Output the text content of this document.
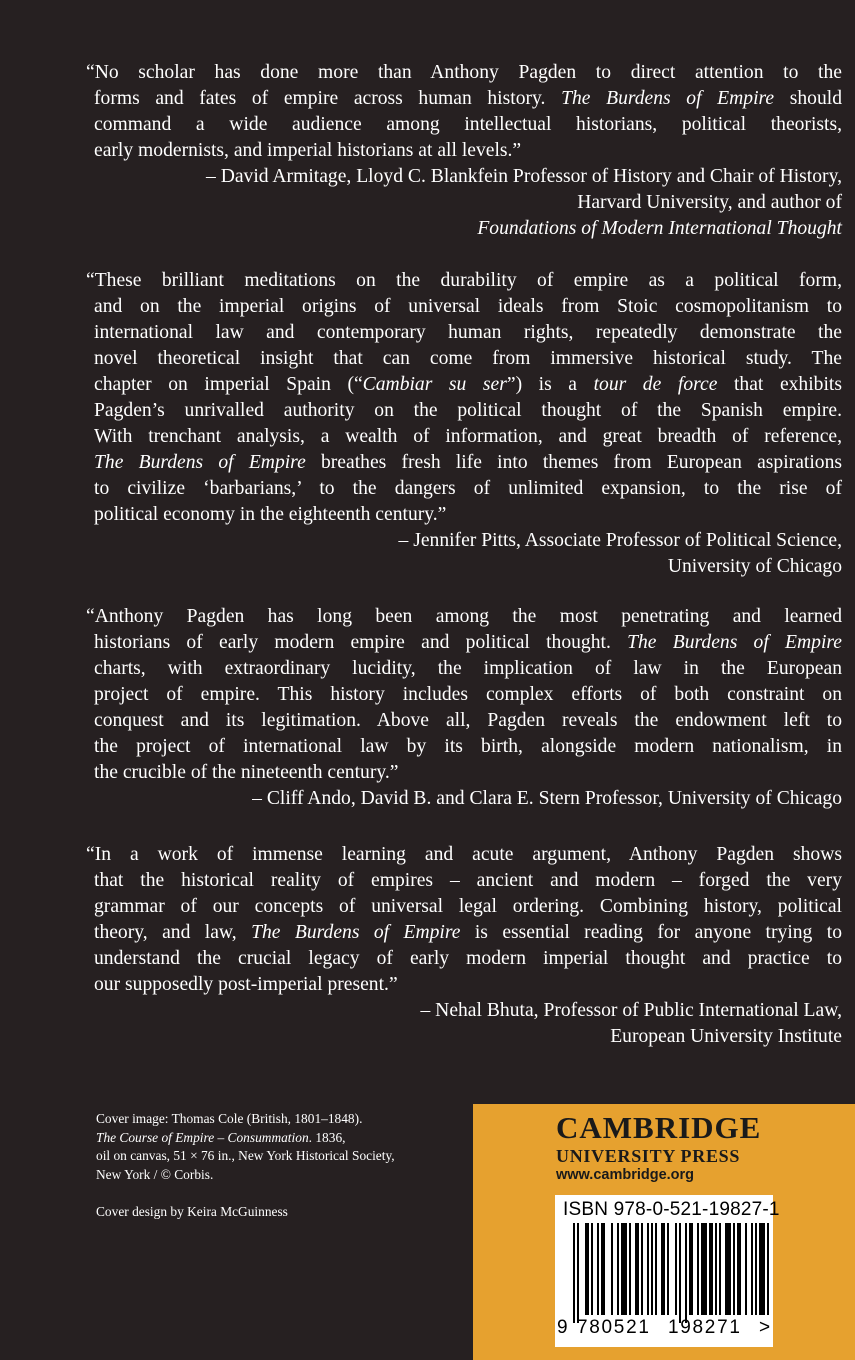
“No scholar has done more than Anthony Pagden to direct attention to the
forms and fates of empire across human history. The Burdens of Empire should
command a wide audience among intellectual historians, political theorists,
early modernists, and imperial historians at all levels.”
– David Armitage, Lloyd C. Blankfein Professor of History and Chair of History,
Harvard University, and author of
Foundations of Modern International Thought
“These brilliant meditations on the durability of empire as a political form,
and on the imperial origins of universal ideals from Stoic cosmopolitanism to
international law and contemporary human rights, repeatedly demonstrate the
novel theoretical insight that can come from immersive historical study. The
chapter on imperial Spain (“Cambiar su ser”) is a tour de force that exhibits
Pagden’s unrivalled authority on the political thought of the Spanish empire.
With trenchant analysis, a wealth of information, and great breadth of reference,
The Burdens of Empire breathes fresh life into themes from European aspirations
to civilize ‘barbarians,’ to the dangers of unlimited expansion, to the rise of
political economy in the eighteenth century.”
– Jennifer Pitts, Associate Professor of Political Science,
University of Chicago
“Anthony Pagden has long been among the most penetrating and learned
historians of early modern empire and political thought. The Burdens of Empire
charts, with extraordinary lucidity, the implication of law in the European
project of empire. This history includes complex efforts of both constraint on
conquest and its legitimation. Above all, Pagden reveals the endowment left to
the project of international law by its birth, alongside modern nationalism, in
the crucible of the nineteenth century.”
– Cliff Ando, David B. and Clara E. Stern Professor, University of Chicago
“In a work of immense learning and acute argument, Anthony Pagden shows
that the historical reality of empires – ancient and modern – forged the very
grammar of our concepts of universal legal ordering. Combining history, political
theory, and law, The Burdens of Empire is essential reading for anyone trying to
understand the crucial legacy of early modern imperial thought and practice to
our supposedly post-imperial present.”
– Nehal Bhuta, Professor of Public International Law,
European University Institute
Cover image: Thomas Cole (British, 1801–1848).
The Course of Empire – Consummation. 1836,
oil on canvas, 51 × 76 in., New York Historical Society,
New York / © Corbis.
Cover design by Keira McGuinness
CAMBRIDGE
UNIVERSITY PRESS
www.cambridge.org
ISBN 978-0-521-19827-1
9 780521 198271 >
